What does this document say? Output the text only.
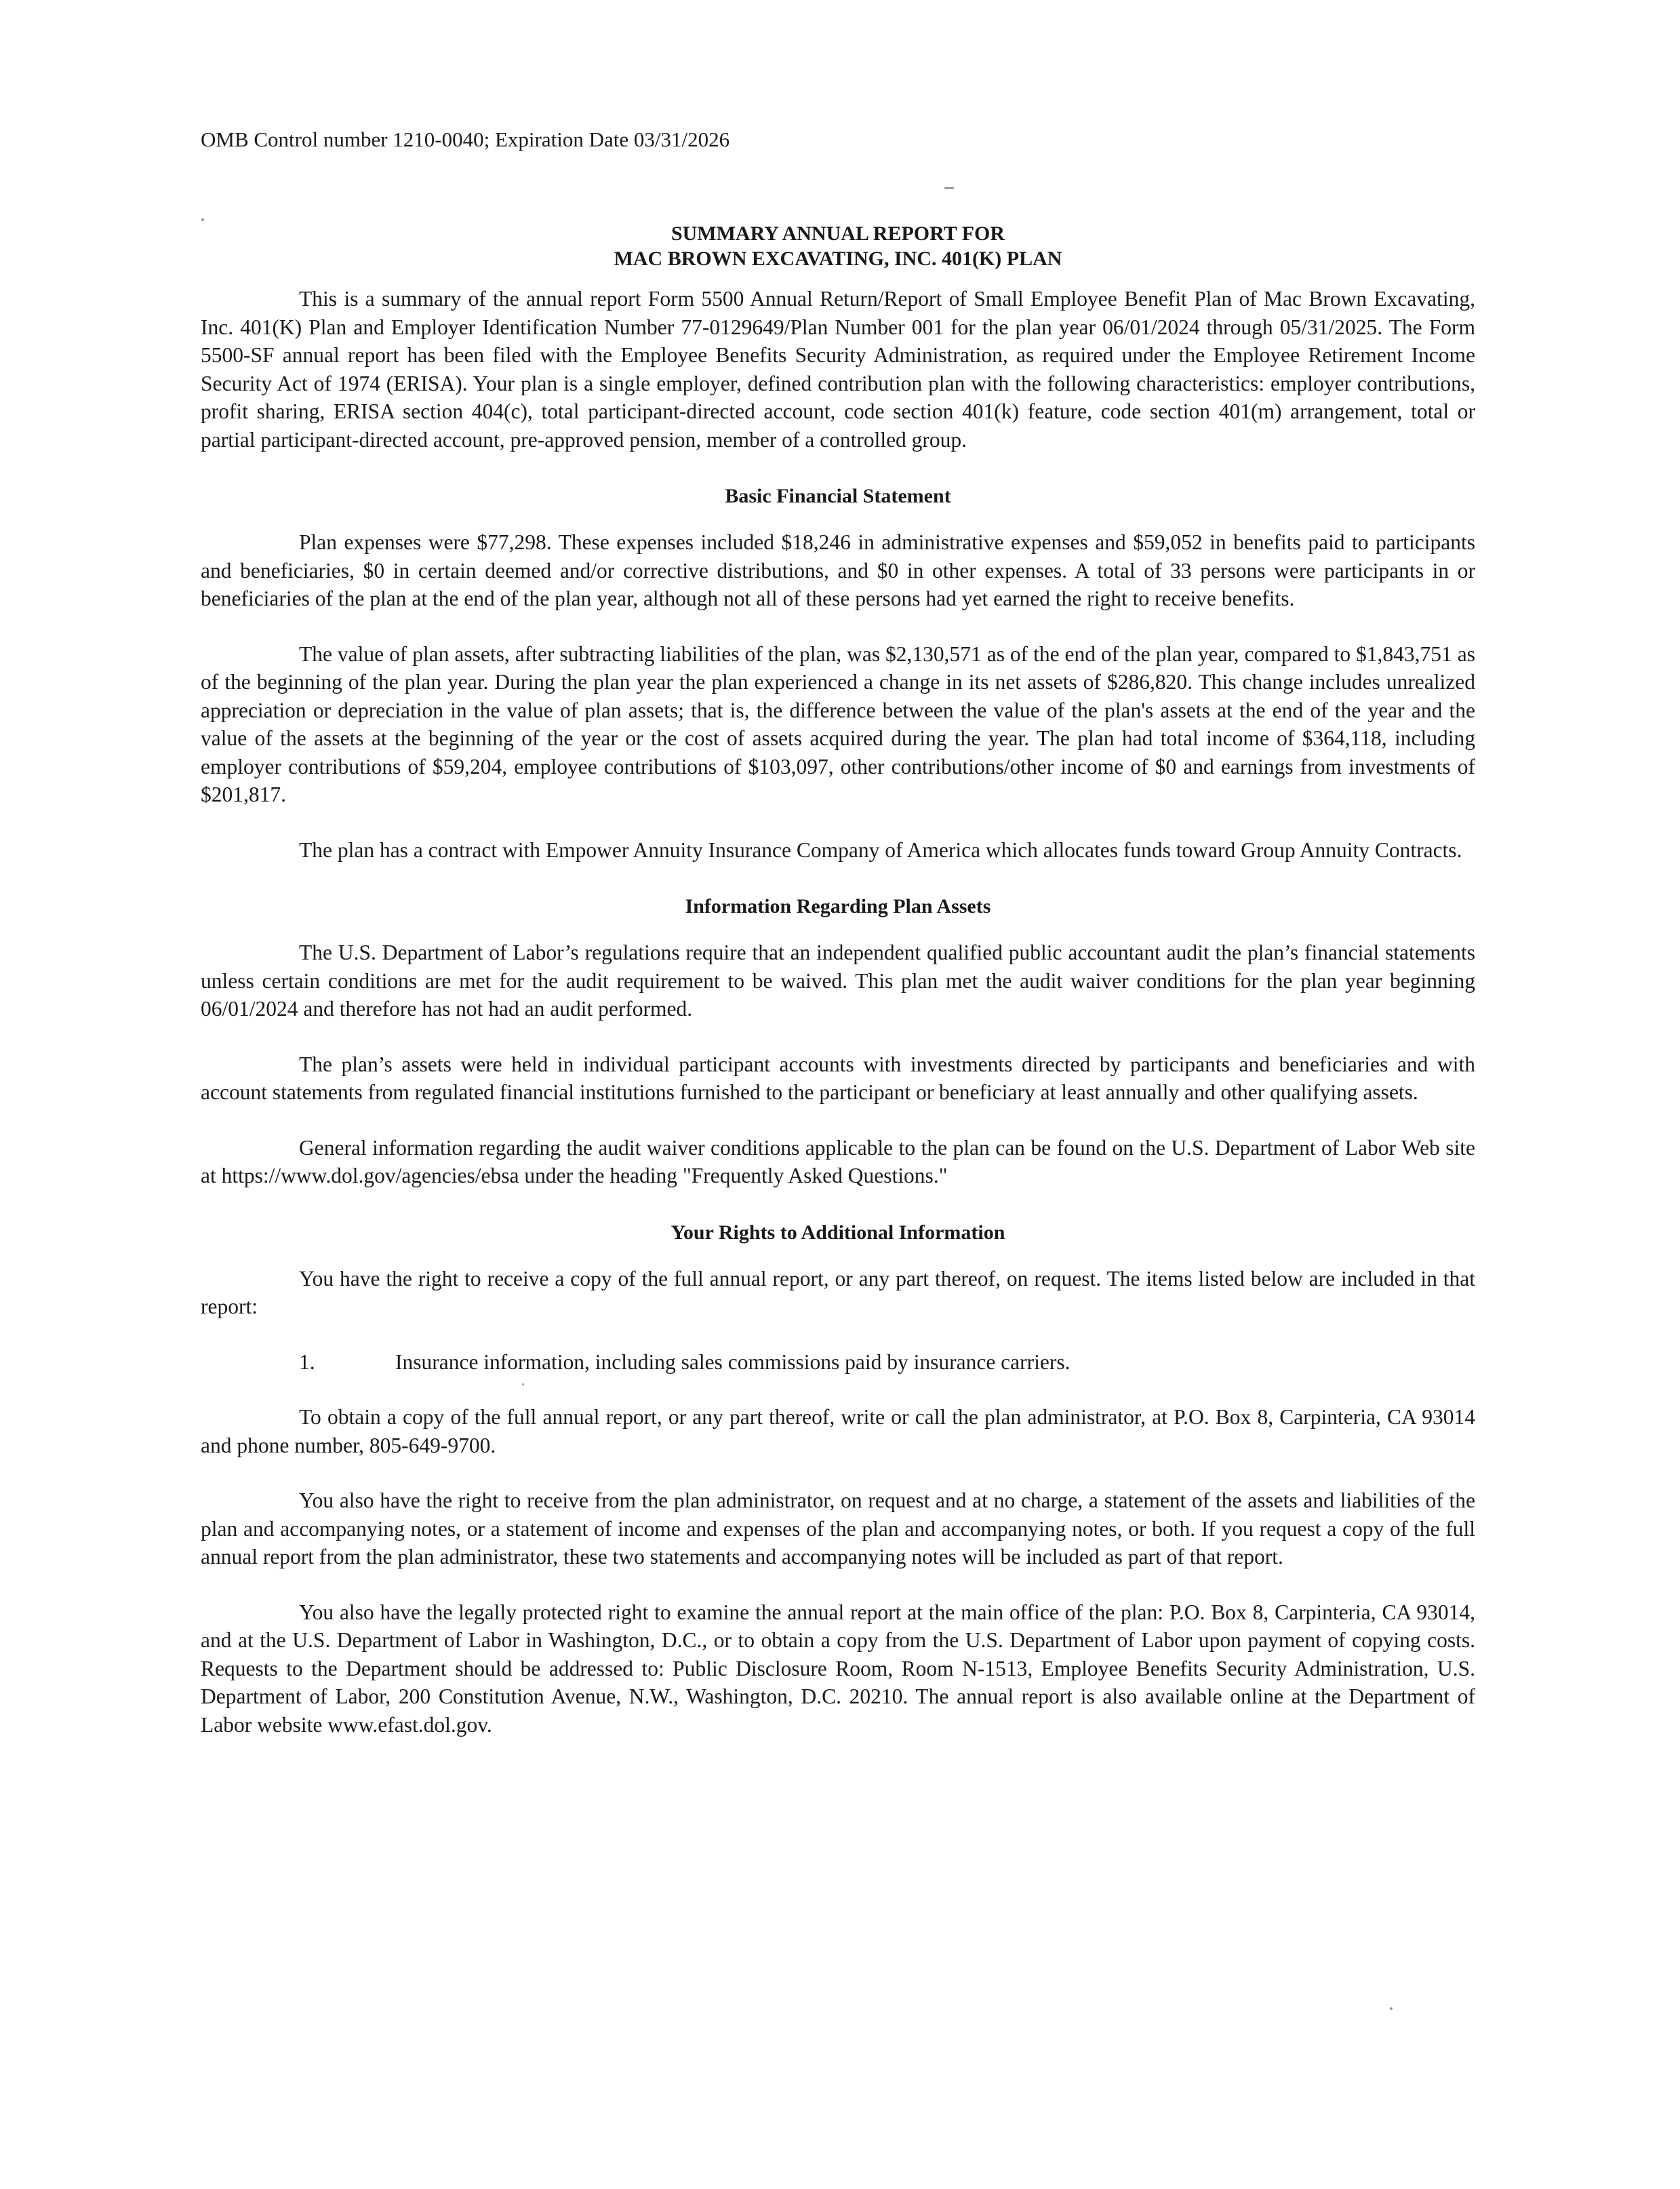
OMB Control number 1210-0040; Expiration Date 03/31/2026
SUMMARY ANNUAL REPORT FOR
MAC BROWN EXCAVATING, INC. 401(K) PLAN

This is a summary of the annual report Form 5500 Annual Return/Report of Small Employee Benefit Plan of Mac Brown Excavating, Inc. 401(K) Plan and Employer Identification Number 77-0129649/Plan Number 001 for the plan year 06/01/2024 through 05/31/2025. The Form 5500-SF annual report has been filed with the Employee Benefits Security Administration, as required under the Employee Retirement Income Security Act of 1974 (ERISA). Your plan is a single employer, defined contribution plan with the following characteristics: employer contributions, profit sharing, ERISA section 404(c), total participant-directed account, code section 401(k) feature, code section 401(m) arrangement, total or partial participant-directed account, pre-approved pension, member of a controlled group.

Basic Financial Statement

Plan expenses were $77,298. These expenses included $18,246 in administrative expenses and $59,052 in benefits paid to participants and beneficiaries, $0 in certain deemed and/or corrective distributions, and $0 in other expenses. A total of 33 persons were participants in or beneficiaries of the plan at the end of the plan year, although not all of these persons had yet earned the right to receive benefits.

The value of plan assets, after subtracting liabilities of the plan, was $2,130,571 as of the end of the plan year, compared to $1,843,751 as of the beginning of the plan year. During the plan year the plan experienced a change in its net assets of $286,820. This change includes unrealized appreciation or depreciation in the value of plan assets; that is, the difference between the value of the plan's assets at the end of the year and the value of the assets at the beginning of the year or the cost of assets acquired during the year. The plan had total income of $364,118, including employer contributions of $59,204, employee contributions of $103,097, other contributions/other income of $0 and earnings from investments of $201,817.

The plan has a contract with Empower Annuity Insurance Company of America which allocates funds toward Group Annuity Contracts.

Information Regarding Plan Assets

The U.S. Department of Labor’s regulations require that an independent qualified public accountant audit the plan’s financial statements unless certain conditions are met for the audit requirement to be waived. This plan met the audit waiver conditions for the plan year beginning 06/01/2024 and therefore has not had an audit performed.

The plan’s assets were held in individual participant accounts with investments directed by participants and beneficiaries and with account statements from regulated financial institutions furnished to the participant or beneficiary at least annually and other qualifying assets.

General information regarding the audit waiver conditions applicable to the plan can be found on the U.S. Department of Labor Web site at https://www.dol.gov/agencies/ebsa under the heading "Frequently Asked Questions."

Your Rights to Additional Information

You have the right to receive a copy of the full annual report, or any part thereof, on request. The items listed below are included in that report:

1.	Insurance information, including sales commissions paid by insurance carriers.

To obtain a copy of the full annual report, or any part thereof, write or call the plan administrator, at P.O. Box 8, Carpinteria, CA 93014 and phone number, 805-649-9700.

You also have the right to receive from the plan administrator, on request and at no charge, a statement of the assets and liabilities of the plan and accompanying notes, or a statement of income and expenses of the plan and accompanying notes, or both. If you request a copy of the full annual report from the plan administrator, these two statements and accompanying notes will be included as part of that report.

You also have the legally protected right to examine the annual report at the main office of the plan: P.O. Box 8, Carpinteria, CA 93014, and at the U.S. Department of Labor in Washington, D.C., or to obtain a copy from the U.S. Department of Labor upon payment of copying costs. Requests to the Department should be addressed to: Public Disclosure Room, Room N-1513, Employee Benefits Security Administration, U.S. Department of Labor, 200 Constitution Avenue, N.W., Washington, D.C. 20210. The annual report is also available online at the Department of Labor website www.efast.dol.gov.
